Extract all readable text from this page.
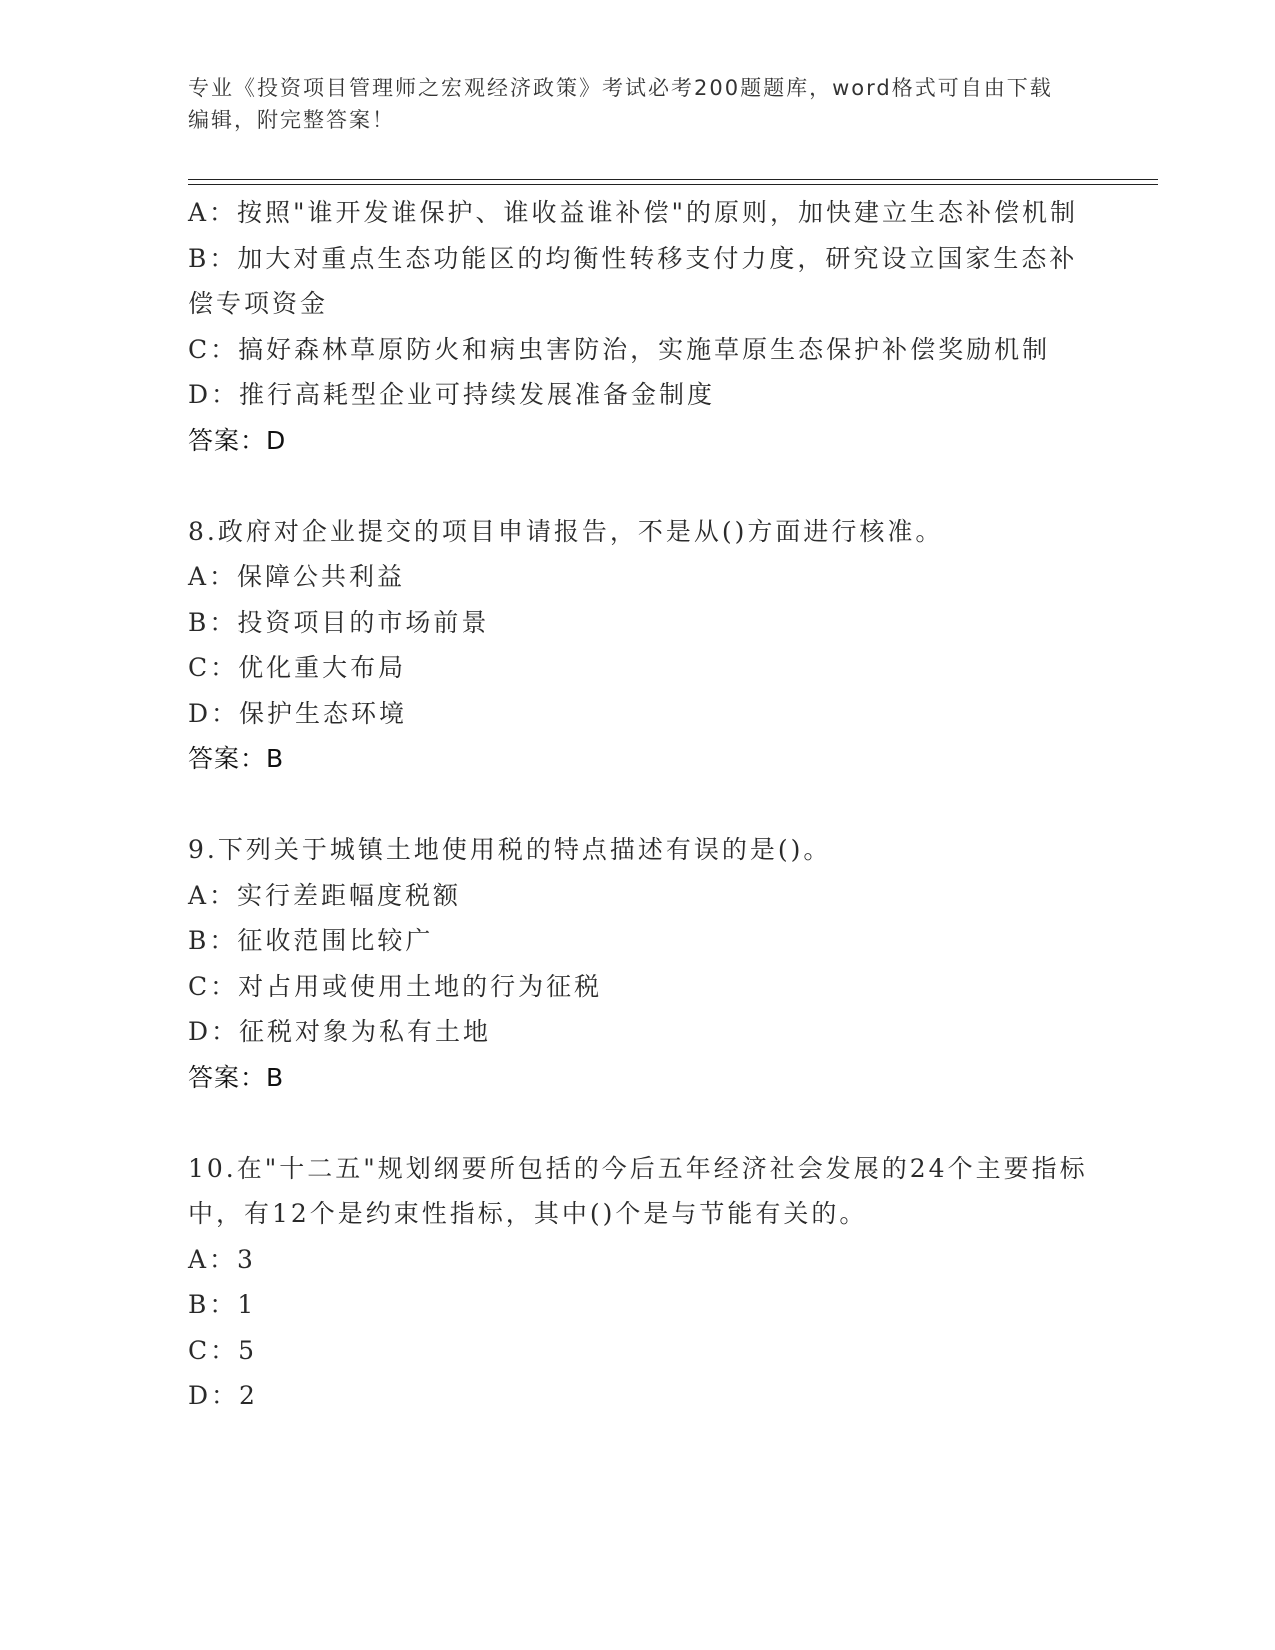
专业《投资项目管理师之宏观经济政策》考试必考200题题库，word格式可自由下载编辑，附完整答案！
A：按照"谁开发谁保护、谁收益谁补偿"的原则，加快建立生态补偿机制
B：加大对重点生态功能区的均衡性转移支付力度，研究设立国家生态补偿专项资金
C：搞好森林草原防火和病虫害防治，实施草原生态保护补偿奖励机制
D：推行高耗型企业可持续发展准备金制度
答案：D
8.政府对企业提交的项目申请报告，不是从()方面进行核准。
A：保障公共利益
B：投资项目的市场前景
C：优化重大布局
D：保护生态环境
答案：B
9.下列关于城镇土地使用税的特点描述有误的是()。
A：实行差距幅度税额
B：征收范围比较广
C：对占用或使用土地的行为征税
D：征税对象为私有土地
答案：B
10.在"十二五"规划纲要所包括的今后五年经济社会发展的24个主要指标中，有12个是约束性指标，其中()个是与节能有关的。
A：3
B：1
C：5
D：2
